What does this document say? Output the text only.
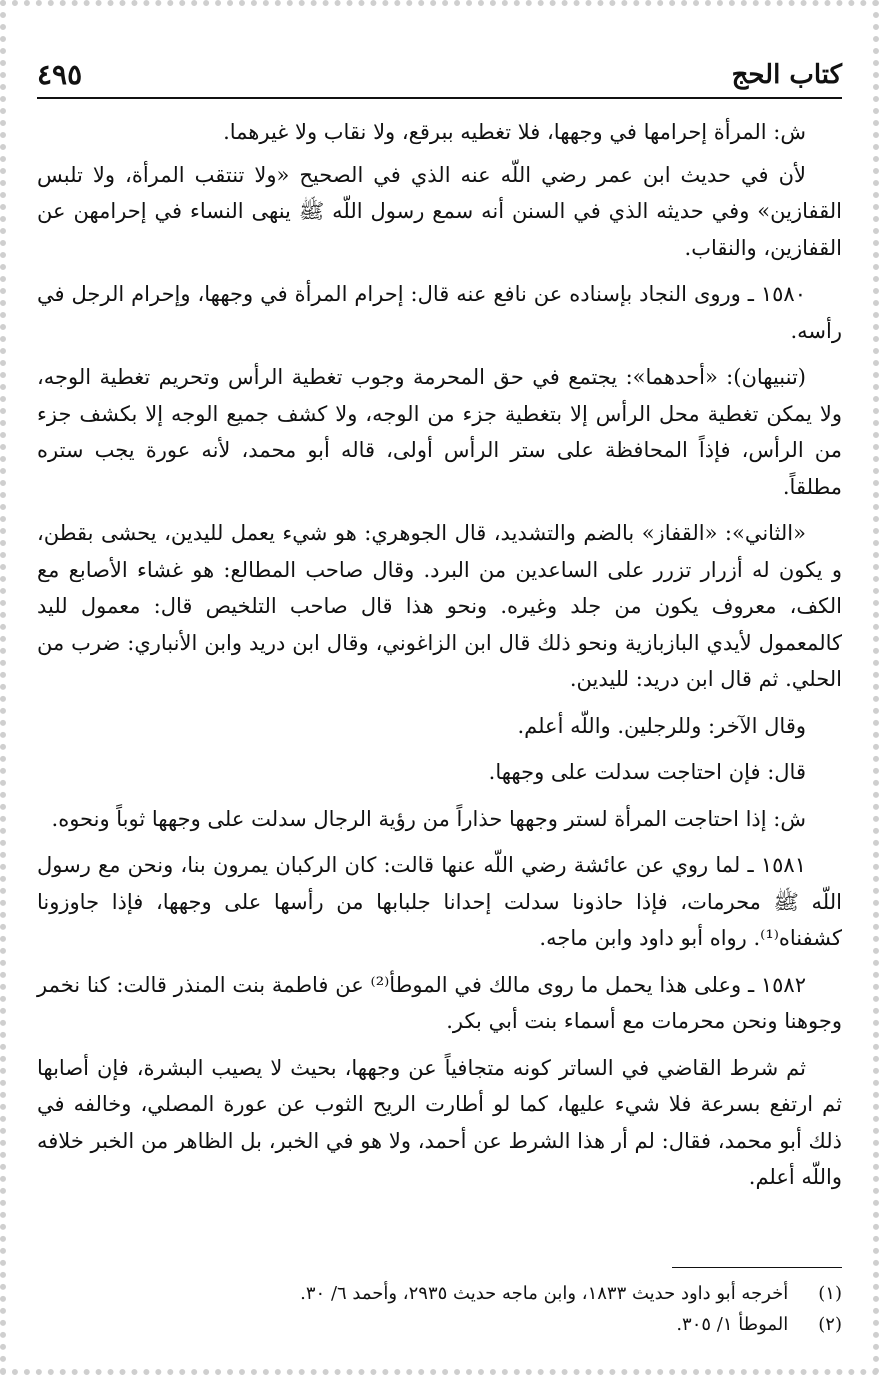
كتاب الحج
٤٩٥

ش: المرأة إحرامها في وجهها، فلا تغطيه ببرقع، ولا نقاب ولا غيرهما.

لأن في حديث ابن عمر رضي اللّه عنه الذي في الصحيح «ولا تنتقب المرأة، ولا تلبس القفازين» وفي حديثه الذي في السنن أنه سمع رسول اللّه ﷺ ينهى النساء في إحرامهن عن القفازين، والنقاب.

١٥٨٠ ـ وروى النجاد بإسناده عن نافع عنه قال: إحرام المرأة في وجهها، وإحرام الرجل في رأسه.

(تنبيهان): «أحدهما»: يجتمع في حق المحرمة وجوب تغطية الرأس وتحريم تغطية الوجه، ولا يمكن تغطية محل الرأس إلا بتغطية جزء من الوجه، ولا كشف جميع الوجه إلا بكشف جزء من الرأس، فإذاً المحافظة على ستر الرأس أولى، قاله أبو محمد، لأنه عورة يجب ستره مطلقاً.

«الثاني»: «القفاز» بالضم والتشديد، قال الجوهري: هو شيء يعمل لليدين، يحشى بقطن، و يكون له أزرار تزرر على الساعدين من البرد. وقال صاحب المطالع: هو غشاء الأصابع مع الكف، معروف يكون من جلد وغيره. ونحو هذا قال صاحب التلخيص قال: معمول لليد كالمعمول لأيدي البازبازية ونحو ذلك قال ابن الزاغوني، وقال ابن دريد وابن الأنباري: ضرب من الحلي. ثم قال ابن دريد: لليدين.

وقال الآخر: وللرجلين. واللّه أعلم.

قال: فإن احتاجت سدلت على وجهها.

ش: إذا احتاجت المرأة لستر وجهها حذاراً من رؤية الرجال سدلت على وجهها ثوباً ونحوه.

١٥٨١ ـ لما روي عن عائشة رضي اللّه عنها قالت: كان الركبان يمرون بنا، ونحن مع رسول اللّه ﷺ محرمات، فإذا حاذونا سدلت إحدانا جلبابها من رأسها على وجهها، فإذا جاوزونا كشفناه⁽¹⁾. رواه أبو داود وابن ماجه.

١٥٨٢ ـ وعلى هذا يحمل ما روى مالك في الموطأ⁽²⁾ عن فاطمة بنت المنذر قالت: كنا نخمر وجوهنا ونحن محرمات مع أسماء بنت أبي بكر.

ثم شرط القاضي في الساتر كونه متجافياً عن وجهها، بحيث لا يصيب البشرة، فإن أصابها ثم ارتفع بسرعة فلا شيء عليها، كما لو أطارت الريح الثوب عن عورة المصلي، وخالفه في ذلك أبو محمد، فقال: لم أر هذا الشرط عن أحمد، ولا هو في الخبر، بل الظاهر من الخبر خلافه واللّه أعلم.

(١) أخرجه أبو داود حديث ١٨٣٣، وابن ماجه حديث ٢٩٣٥، وأحمد ٦/ ٣٠.
(٢) الموطأ ١/ ٣٠٥.
